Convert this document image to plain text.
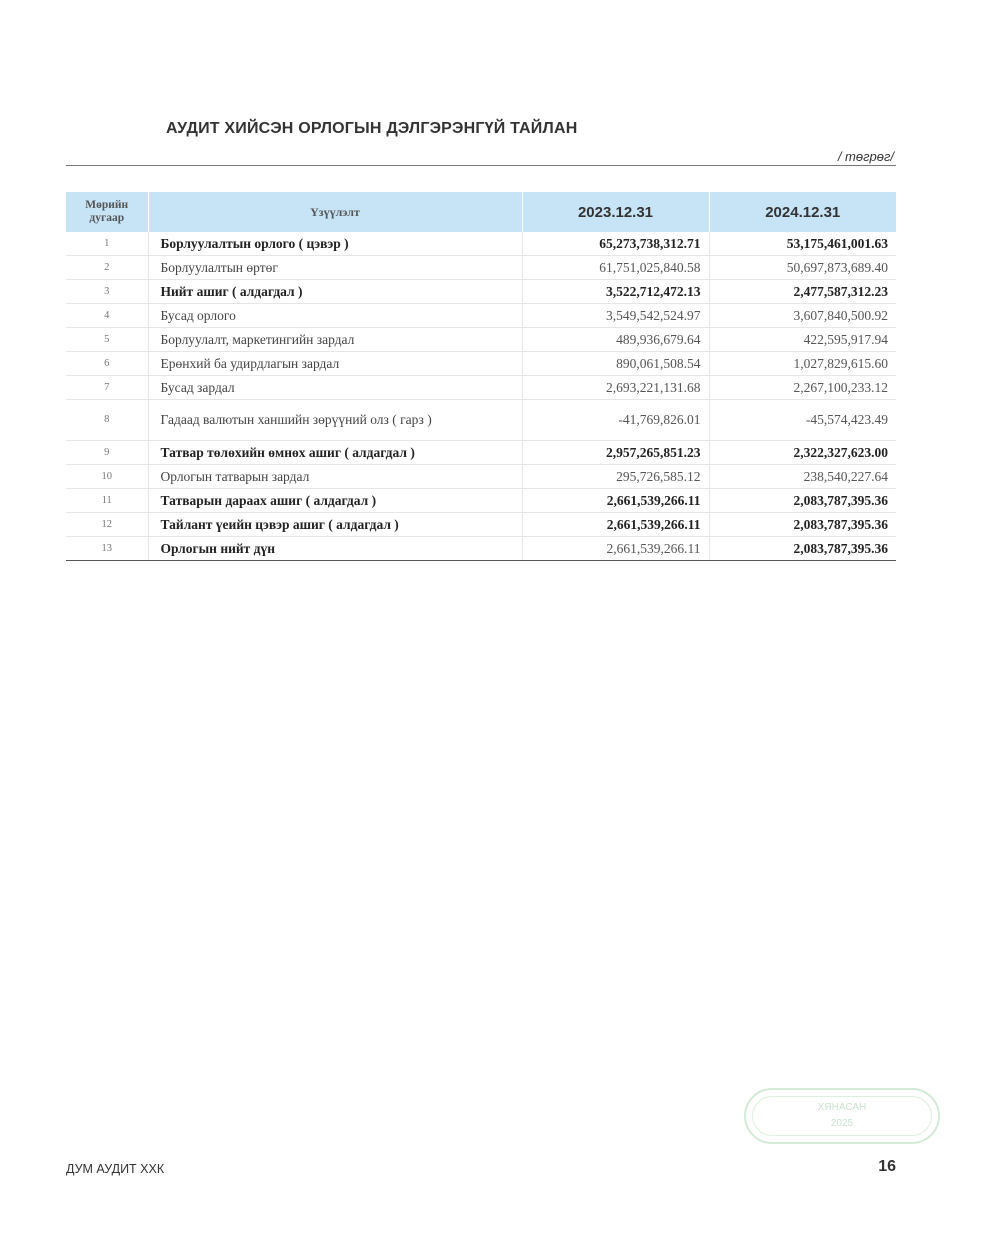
АУДИТ ХИЙСЭН ОРЛОГЫН ДЭЛГЭРЭНГҮЙ ТАЙЛАН
/ төгрөг/
Мөрийн
дугаар	Үзүүлэлт	2023.12.31	2024.12.31
1	Борлуулалтын орлого ( цэвэр )	65,273,738,312.71	53,175,461,001.63
2	Борлуулалтын өртөг	61,751,025,840.58	50,697,873,689.40
3	Нийт ашиг ( алдагдал )	3,522,712,472.13	2,477,587,312.23
4	Бусад орлого	3,549,542,524.97	3,607,840,500.92
5	Борлуулалт, маркетингийн зардал	489,936,679.64	422,595,917.94
6	Ерөнхий ба удирдлагын зардал	890,061,508.54	1,027,829,615.60
7	Бусад зардал	2,693,221,131.68	2,267,100,233.12
8	Гадаад валютын ханшийн зөрүүний олз ( гарз )	-41,769,826.01	-45,574,423.49
9	Татвар төлөхийн өмнөх ашиг ( алдагдал )	2,957,265,851.23	2,322,327,623.00
10	Орлогын татварын зардал	295,726,585.12	238,540,227.64
11	Татварын дараах ашиг ( алдагдал )	2,661,539,266.11	2,083,787,395.36
12	Тайлант үеийн цэвэр ашиг ( алдагдал )	2,661,539,266.11	2,083,787,395.36
13	Орлогын нийт дүн	2,661,539,266.11	2,083,787,395.36
ХЯНАСАН
2025
ДУМ АУДИТ ХХК	16
